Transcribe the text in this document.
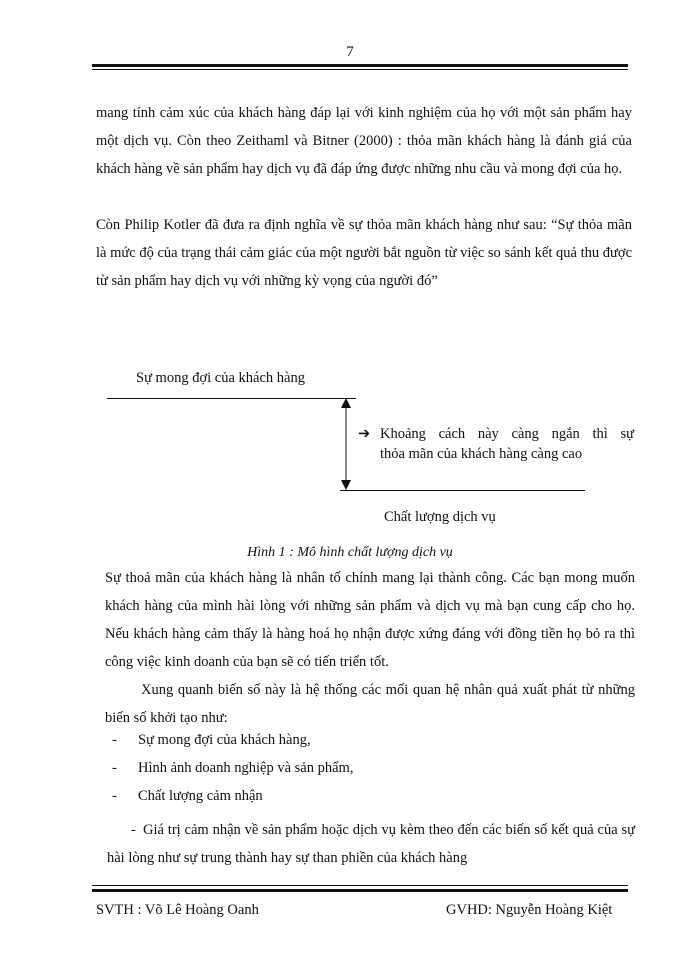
7
mang tính cảm xúc của khách hàng đáp lại với kinh nghiệm của họ với một sản phẩm hay một dịch vụ. Còn theo Zeithaml và Bitner (2000) : thỏa mãn khách hàng là đánh giá của khách hàng về sản phẩm hay dịch vụ đã đáp ứng được những nhu cầu và mong đợi của họ.
Còn Philip Kotler đã đưa ra định nghĩa về sự thỏa mãn khách hàng như sau: “Sự thỏa mãn là mức độ của trạng thái cảm giác của một người bắt nguồn từ việc so sánh kết quả thu được từ sản phẩm hay dịch vụ với những kỳ vọng của người đó”
Sự mong đợi của khách hàng
➔ Khoảng cách này càng ngắn thì sự
thỏa mãn của khách hàng càng cao
Chất lượng dịch vụ
Hình 1 : Mô hình chất lượng dịch vụ
Sự thoả mãn của khách hàng là nhân tố chính mang lại thành công. Các bạn mong muốn khách hàng của mình hài lòng với những sản phẩm và dịch vụ mà bạn cung cấp cho họ. Nếu khách hàng cảm thấy là hàng hoá họ nhận được xứng đáng với đồng tiền họ bỏ ra thì công việc kinh doanh của bạn sẽ có tiến triển tốt.
Xung quanh biến số này là hệ thống các mối quan hệ nhân quả xuất phát từ những biến số khởi tạo như:
- Sự mong đợi của khách hàng,
- Hình ảnh doanh nghiệp và sản phẩm,
- Chất lượng cảm nhận
- Giá trị cảm nhận về sản phẩm hoặc dịch vụ kèm theo đến các biến số kết quả của sự hài lòng như sự trung thành hay sự than phiền của khách hàng
SVTH : Võ Lê Hoàng Oanh	GVHD: Nguyễn Hoàng Kiệt
